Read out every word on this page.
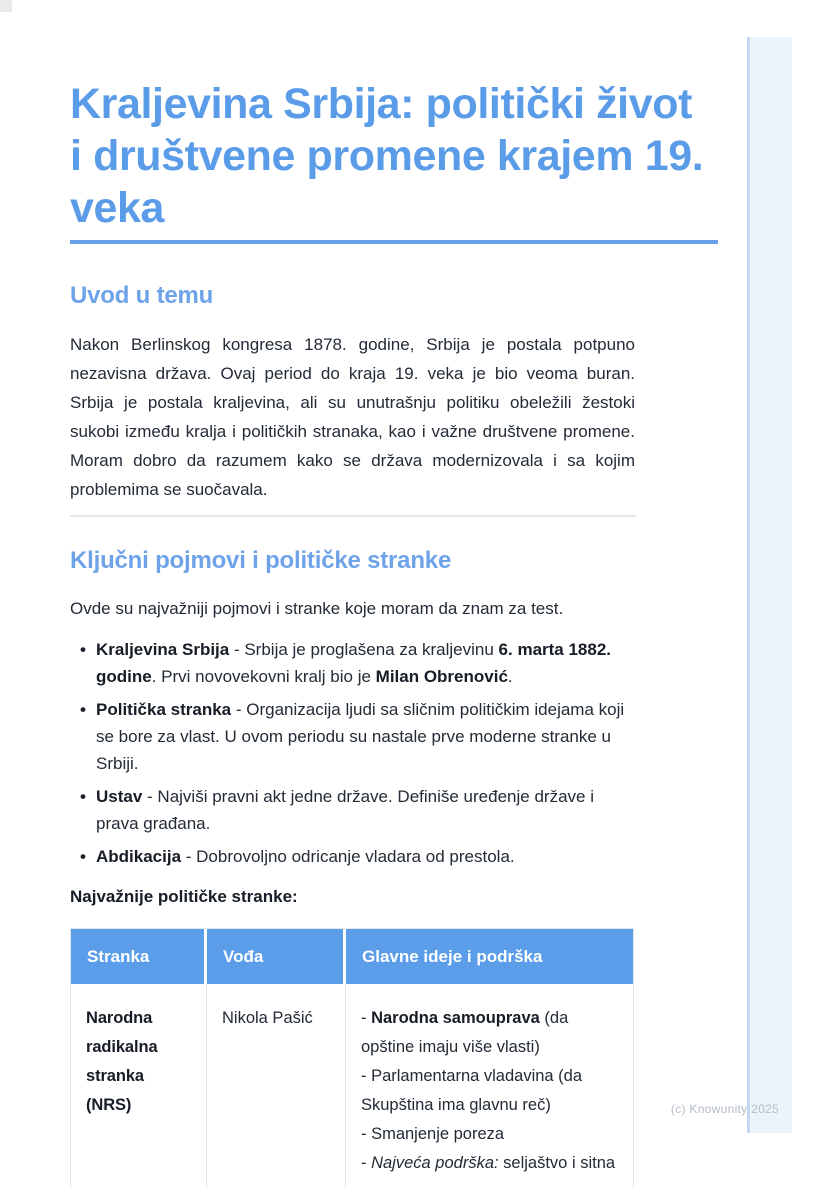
Kraljevina Srbija: politički život i društvene promene krajem 19. veka
Uvod u temu

Nakon Berlinskog kongresa 1878. godine, Srbija je postala potpuno nezavisna država. Ovaj period do kraja 19. veka je bio veoma buran. Srbija je postala kraljevina, ali su unutrašnju politiku obeležili žestoki sukobi između kralja i političkih stranaka, kao i važne društvene promene. Moram dobro da razumem kako se država modernizovala i sa kojim problemima se suočavala.

Ključni pojmovi i političke stranke

Ovde su najvažniji pojmovi i stranke koje moram da znam za test.

• Kraljevina Srbija - Srbija je proglašena za kraljevinu 6. marta 1882. godine. Prvi novovekovni kralj bio je Milan Obrenović.
• Politička stranka - Organizacija ljudi sa sličnim političkim idejama koji se bore za vlast. U ovom periodu su nastale prve moderne stranke u Srbiji.
• Ustav - Najviši pravni akt jedne države. Definiše uređenje države i prava građana.
• Abdikacija - Dobrovoljno odricanje vladara od prestola.

Najvažnije političke stranke:

Stranka	Vođa	Glavne ideje i podrška
Narodna radikalna stranka (NRS)	Nikola Pašić	- Narodna samouprava (da opštine imaju više vlasti)
- Parlamentarna vladavina (da Skupština ima glavnu reč)
- Smanjenje poreza
- Najveća podrška: seljaštvo i sitna
(c) Knowunity 2025
